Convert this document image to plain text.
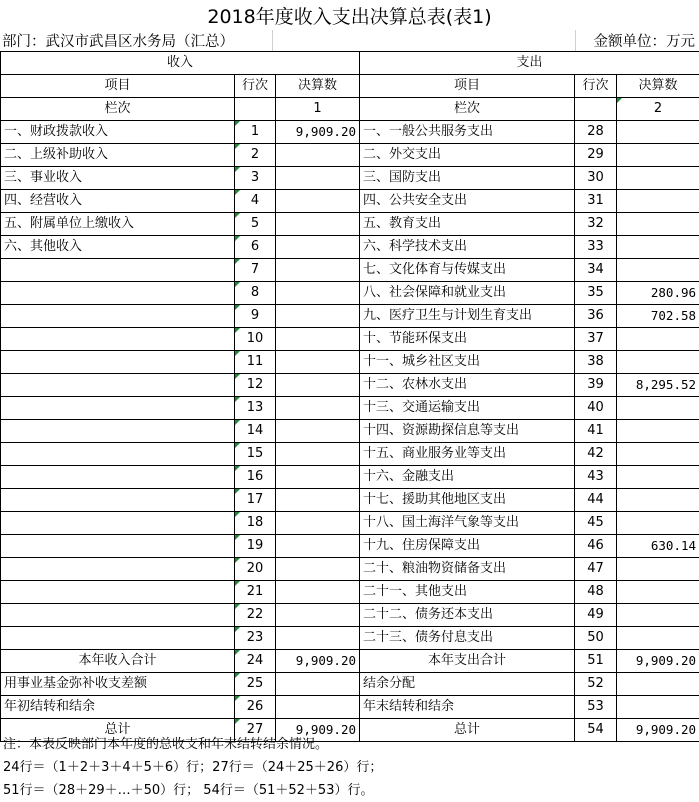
2018年度收入支出决算总表(表1)
部门：武汉市武昌区水务局（汇总）	金额单位：万元
收入			支出		
项目	行次	决算数	项目	行次	决算数
栏次		1	栏次		2
一、财政拨款收入	1	9,909.20	一、一般公共服务支出	28	
二、上级补助收入	2		二、外交支出	29	
三、事业收入	3		三、国防支出	30	
四、经营收入	4		四、公共安全支出	31	
五、附属单位上缴收入	5		五、教育支出	32	
六、其他收入	6		六、科学技术支出	33	
	7		七、文化体育与传媒支出	34	
	8		八、社会保障和就业支出	35	280.96
	9		九、医疗卫生与计划生育支出	36	702.58
	10		十、节能环保支出	37	
	11		十一、城乡社区支出	38	
	12		十二、农林水支出	39	8,295.52
	13		十三、交通运输支出	40	
	14		十四、资源勘探信息等支出	41	
	15		十五、商业服务业等支出	42	
	16		十六、金融支出	43	
	17		十七、援助其他地区支出	44	
	18		十八、国土海洋气象等支出	45	
	19		十九、住房保障支出	46	630.14
	20		二十、粮油物资储备支出	47	
	21		二十一、其他支出	48	
	22		二十二、债务还本支出	49	
	23		二十三、债务付息支出	50	
本年收入合计	24	9,909.20	本年支出合计	51	9,909.20
用事业基金弥补收支差额	25		结余分配	52	
年初结转和结余	26		年末结转和结余	53	
总计	27	9,909.20	总计	54	9,909.20
注：本表反映部门本年度的总收支和年末结转结余情况。
24行＝（1＋2＋3＋4＋5＋6）行；27行＝（24＋25＋26）行；
51行＝（28＋29＋…＋50）行； 54行＝（51＋52＋53）行。
